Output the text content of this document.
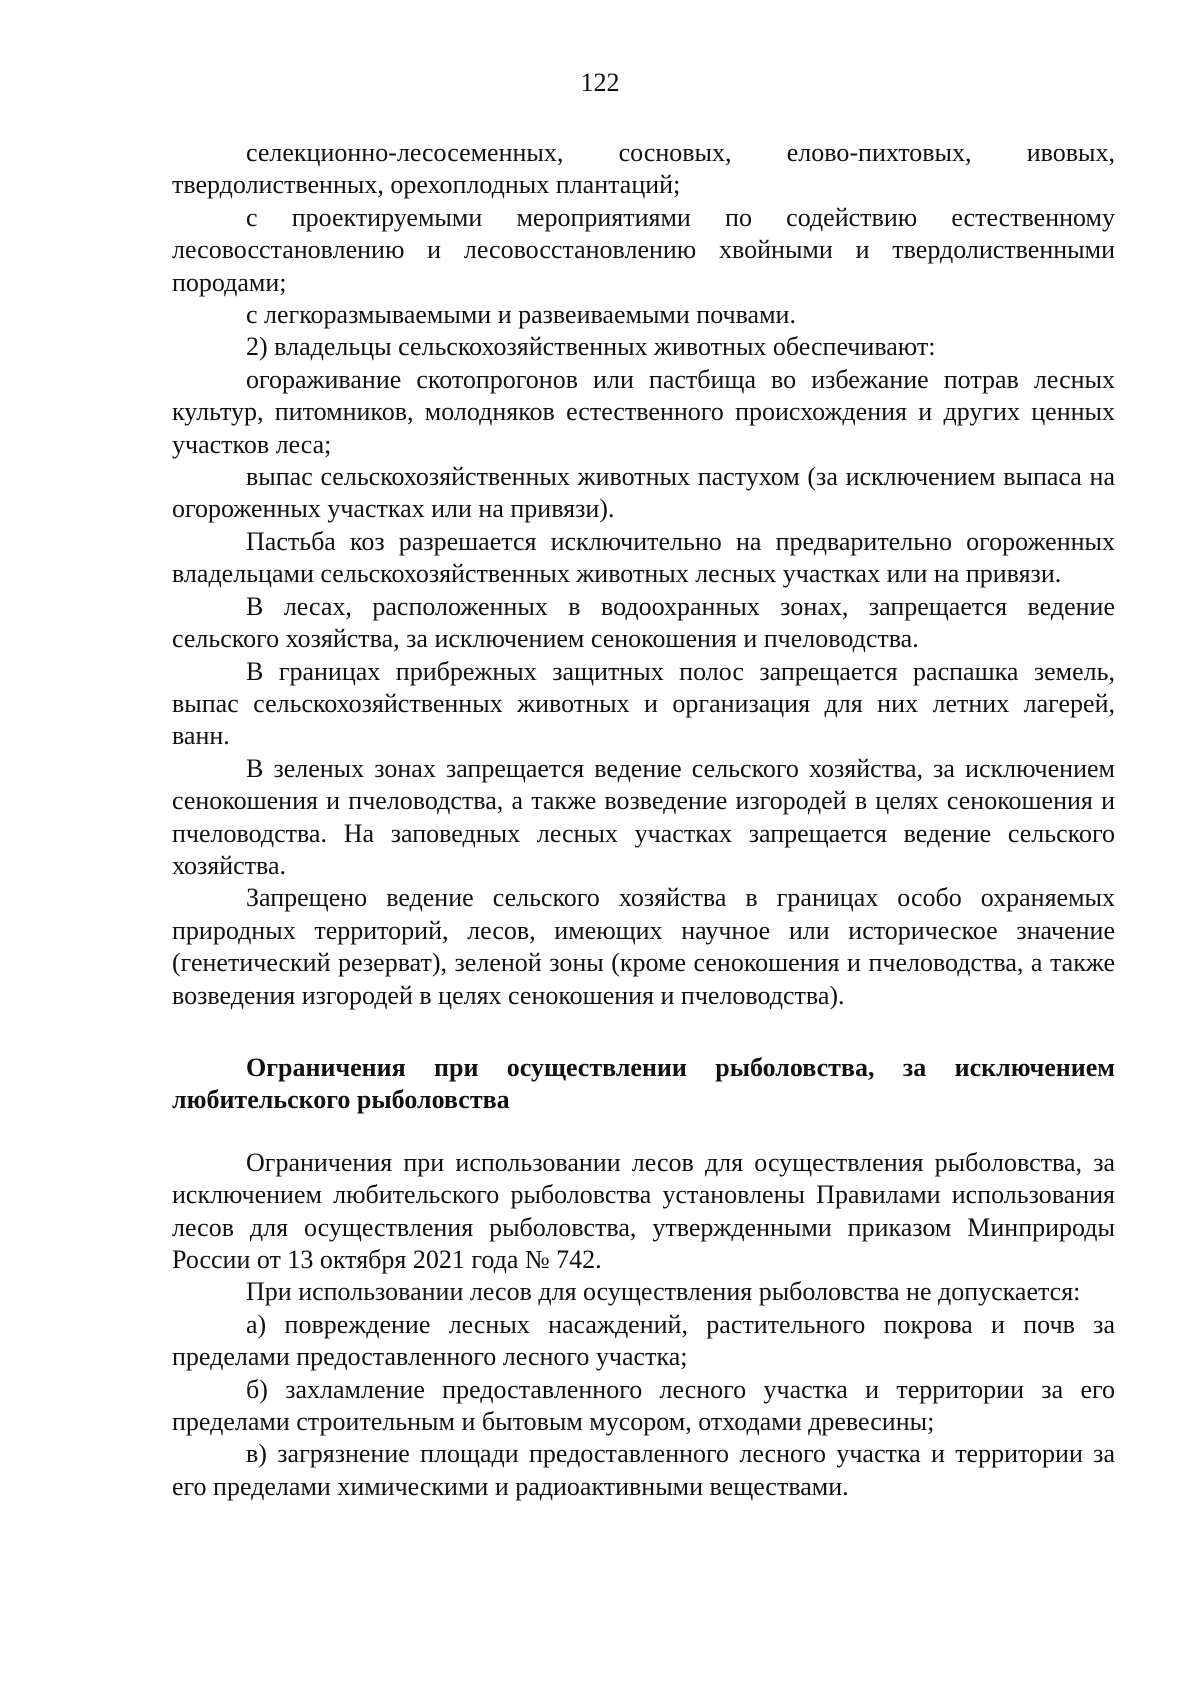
122

селекционно-лесосеменных, сосновых, елово-пихтовых, ивовых, твердолиственных, орехоплодных плантаций;

с проектируемыми мероприятиями по содействию естественному лесовосстановлению и лесовосстановлению хвойными и твердолиственными породами;

с легкоразмываемыми и развеиваемыми почвами.

2) владельцы сельскохозяйственных животных обеспечивают:

огораживание скотопрогонов или пастбища во избежание потрав лесных культур, питомников, молодняков естественного происхождения и других ценных участков леса;

выпас сельскохозяйственных животных пастухом (за исключением выпаса на огороженных участках или на привязи).

Пастьба коз разрешается исключительно на предварительно огороженных владельцами сельскохозяйственных животных лесных участках или на привязи.

В лесах, расположенных в водоохранных зонах, запрещается ведение сельского хозяйства, за исключением сенокошения и пчеловодства.

В границах прибрежных защитных полос запрещается распашка земель, выпас сельскохозяйственных животных и организация для них летних лагерей, ванн.

В зеленых зонах запрещается ведение сельского хозяйства, за исключением сенокошения и пчеловодства, а также возведение изгородей в целях сенокошения и пчеловодства. На заповедных лесных участках запрещается ведение сельского хозяйства.

Запрещено ведение сельского хозяйства в границах особо охраняемых природных территорий, лесов, имеющих научное или историческое значение (генетический резерват), зеленой зоны (кроме сенокошения и пчеловодства, а также возведения изгородей в целях сенокошения и пчеловодства).

Ограничения при осуществлении рыболовства, за исключением любительского рыболовства

Ограничения при использовании лесов для осуществления рыболовства, за исключением любительского рыболовства установлены Правилами использования лесов для осуществления рыболовства, утвержденными приказом Минприроды России от 13 октября 2021 года № 742.

При использовании лесов для осуществления рыболовства не допускается:

а) повреждение лесных насаждений, растительного покрова и почв за пределами предоставленного лесного участка;

б) захламление предоставленного лесного участка и территории за его пределами строительным и бытовым мусором, отходами древесины;

в) загрязнение площади предоставленного лесного участка и территории за его пределами химическими и радиоактивными веществами.
